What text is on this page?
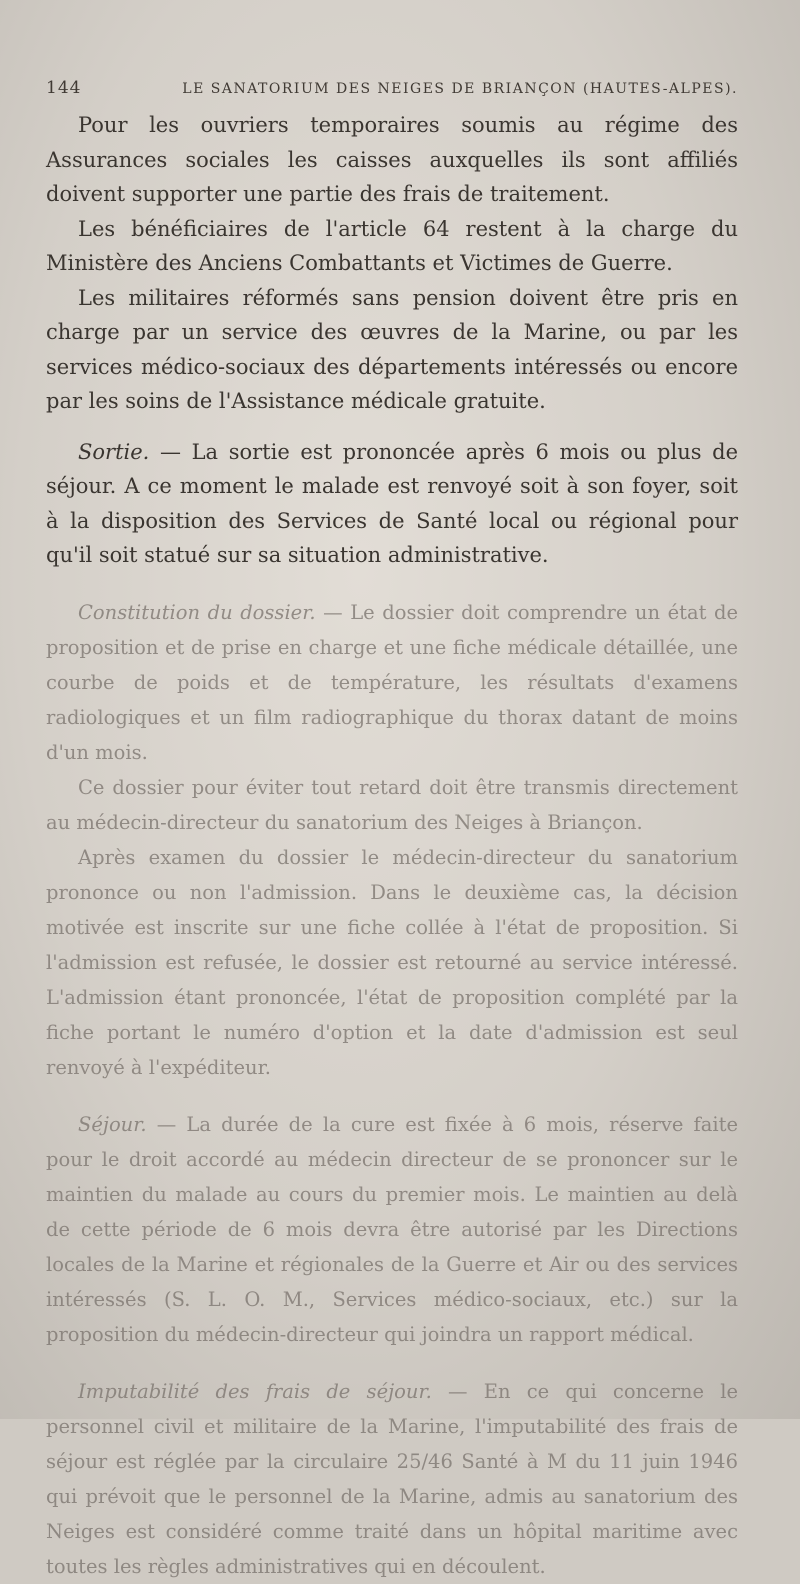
144	LE SANATORIUM DES NEIGES DE BRIANÇON (HAUTES-ALPES).

Pour les ouvriers temporaires soumis au régime des Assurances sociales les caisses auxquelles ils sont affiliés doivent supporter une partie des frais de traitement.

Les bénéficiaires de l'article 64 restent à la charge du Ministère des Anciens Combattants et Victimes de Guerre.

Les militaires réformés sans pension doivent être pris en charge par un service des œuvres de la Marine, ou par les services médico-sociaux des départements intéressés ou encore par les soins de l'Assistance médicale gratuite.

Sortie. — La sortie est prononcée après 6 mois ou plus de séjour. A ce moment le malade est renvoyé soit à son foyer, soit à la disposition des Services de Santé local ou régional pour qu'il soit statué sur sa situation administrative.

Constitution du dossier. — Le dossier doit comprendre un état de proposition et de prise en charge et une fiche médicale détaillée, une courbe de poids et de température, les résultats d'examens radiologiques et un film radiographique du thorax datant de moins d'un mois.

Ce dossier pour éviter tout retard doit être transmis directement au médecin-directeur du sanatorium des Neiges à Briançon.

Après examen du dossier le médecin-directeur du sanatorium prononce ou non l'admission. Dans le deuxième cas, la décision motivée est inscrite sur une fiche collée à l'état de proposition. Si l'admission est refusée, le dossier est retourné au service intéressé. L'admission étant prononcée, l'état de proposition complété par la fiche portant le numéro d'option et la date d'admission est seul renvoyé à l'expéditeur.

Séjour. — La durée de la cure est fixée à 6 mois, réserve faite pour le droit accordé au médecin directeur de se prononcer sur le maintien du malade au cours du premier mois. Le maintien au delà de cette période de 6 mois devra être autorisé par les Directions locales de la Marine et régionales de la Guerre et Air ou des services intéressés (S. L. O. M., Services médico-sociaux, etc.) sur la proposition du médecin-directeur qui joindra un rapport médical.

Imputabilité des frais de séjour. — En ce qui concerne le personnel civil et militaire de la Marine, l'imputabilité des frais de séjour est réglée par la circulaire 25/46 Santé à M du 11 juin 1946 qui prévoit que le personnel de la Marine, admis au sanatorium des Neiges est considéré comme traité dans un hôpital maritime avec toutes les règles administratives qui en découlent.
